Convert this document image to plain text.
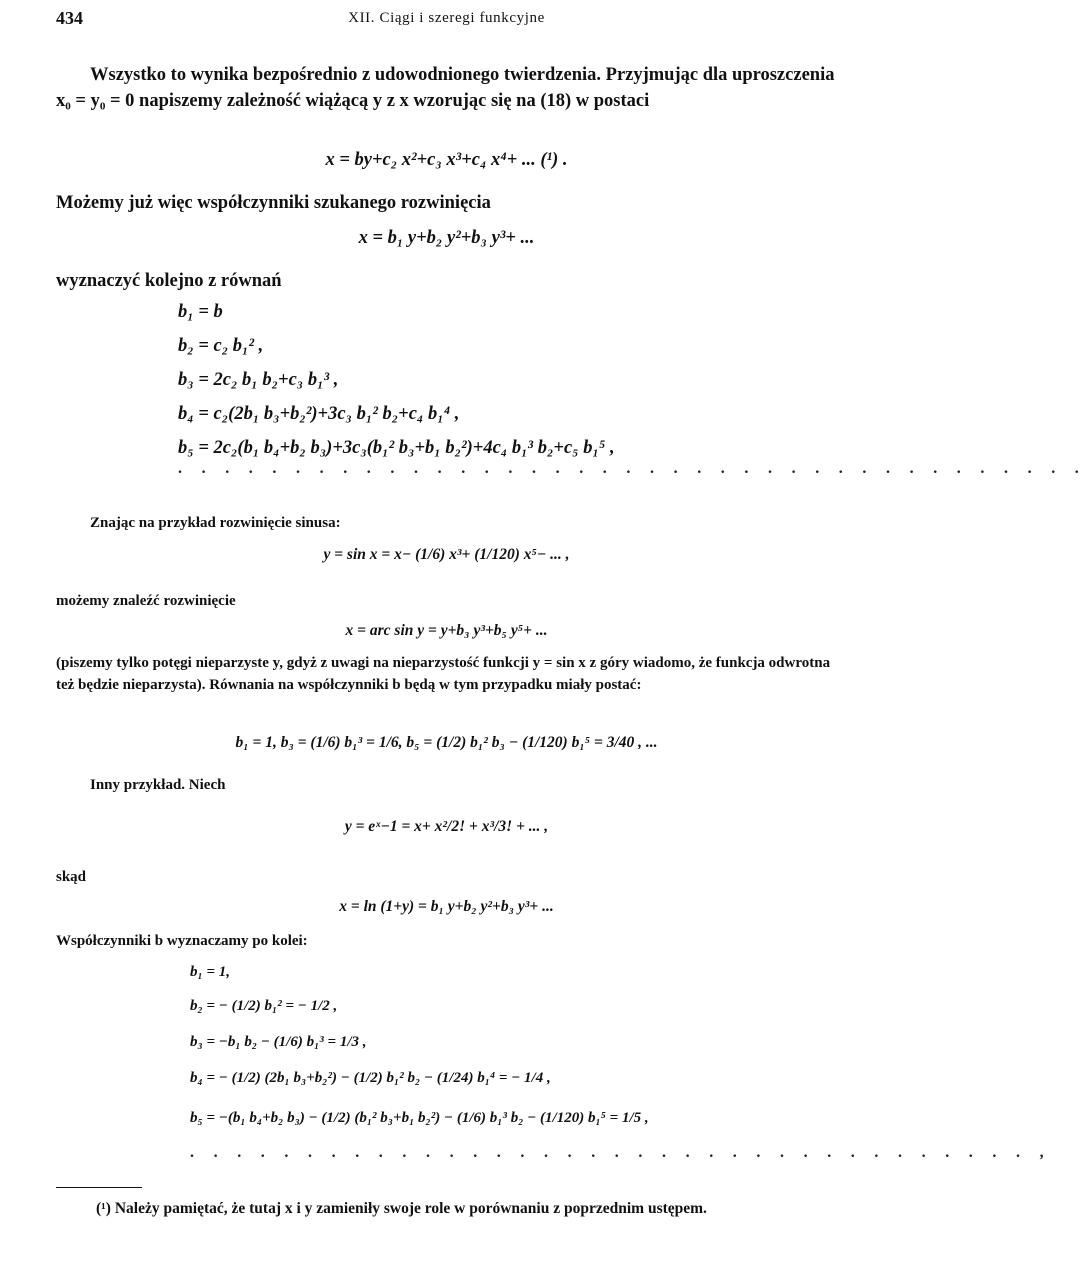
434	XII. Ciągi i szeregi funkcyjne

Wszystko to wynika bezpośrednio z udowodnionego twierdzenia. Przyjmując dla uproszczenia x₀ = y₀ = 0 napiszemy zależność wiążącą y z x wzorując się na (18) w postaci

x = by+c₂ x²+c₃ x³+c₄ x⁴+ ... (¹) .

Możemy już więc współczynniki szukanego rozwinięcia

x = b₁ y+b₂ y²+b₃ y³+ ...

wyznaczyć kolejno z równań

b₁ = b
b₂ = c₂ b₁² ,
b₃ = 2c₂ b₁ b₂+c₃ b₁³ ,
b₄ = c₂(2b₁ b₃+b₂²)+3c₃ b₁² b₂+c₄ b₁⁴ ,
b₅ = 2c₂(b₁ b₄+b₂ b₃)+3c₃(b₁² b₃+b₁ b₂²)+4c₄ b₁³ b₂+c₅ b₁⁵ ,
. . . . . . . . . . . . . . . . . . . . . . . . . . . . . . . . . . . . . . .

Znając na przykład rozwinięcie sinusa:

y = sin x = x− (1/6) x³+ (1/120) x⁵− ... ,

możemy znaleźć rozwinięcie

x = arc sin y = y+b₃ y³+b₅ y⁵+ ...

(piszemy tylko potęgi nieparzyste y, gdyż z uwagi na nieparzystość funkcji y = sin x z góry wiadomo, że funkcja odwrotna też będzie nieparzysta). Równania na współczynniki b będą w tym przypadku miały postać:

b₁ = 1, b₃ = (1/6) b₁³ = 1/6, b₅ = (1/2) b₁² b₃ − (1/120) b₁⁵ = 3/40 , ...

Inny przykład. Niech

y = eˣ−1 = x+ x²/2! + x³/3! + ... ,

skąd

x = ln (1+y) = b₁ y+b₂ y²+b₃ y³+ ...

Współczynniki b wyznaczamy po kolei:

b₁ = 1,
b₂ = − (1/2) b₁² = − 1/2 ,
b₃ = −b₁ b₂ − (1/6) b₁³ = 1/3 ,
b₄ = − (1/2) (2b₁ b₃+b₂²) − (1/2) b₁² b₂ − (1/24) b₁⁴ = − 1/4 ,
b₅ = −(b₁ b₄+b₂ b₃) − (1/2) (b₁² b₃+b₁ b₂²) − (1/6) b₁³ b₂ − (1/120) b₁⁵ = 1/5 ,
. . . . . . . . . . . . . . . . . . . . . . . . . . . . . . . . . . . . ,
(¹) Należy pamiętać, że tutaj x i y zamieniły swoje role w porównaniu z poprzednim ustępem.
